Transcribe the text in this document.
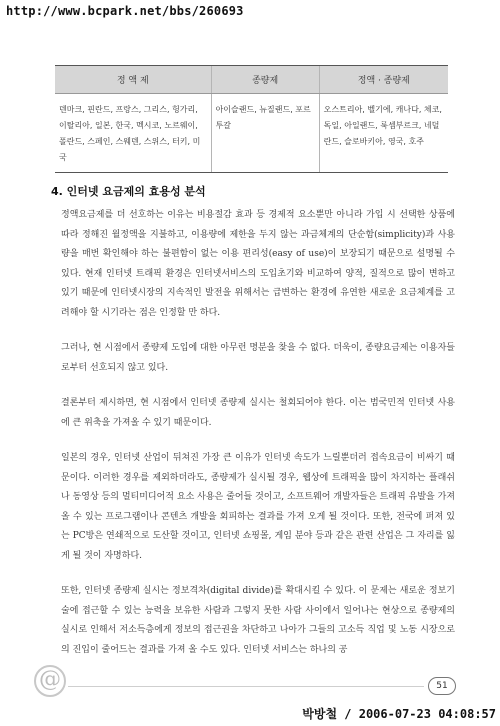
http://www.bcpark.net/bbs/260693
정 액 제	종량제	정액 · 종량제
덴마크, 핀란드, 프랑스, 그리스, 헝가리, 이탈리아, 일본, 한국, 멕시코, 노르웨이, 폴란드, 스페인, 스웨덴, 스위스, 터키, 미국	아이슬랜드, 뉴질랜드, 포르투갈	오스트리아, 벨기에, 캐나다, 체코, 독일, 아일랜드, 룩셈부르크, 네덜란드, 슬로바키아, 영국, 호주
4. 인터넷 요금제의 효용성 분석

정액요금제를 더 선호하는 이유는 비용절감 효과 등 경제적 요소뿐만 아니라 가입 시 선택한 상품에 따라 정해진 월정액을 지불하고, 이용량에 제한을 두지 않는 과금체계의 단순함(simplicity)과 사용량을 매번 확인해야 하는 불편함이 없는 이용 편리성(easy of use)이 보장되기 때문으로 설명될 수 있다. 현재 인터넷 트래픽 환경은 인터넷서비스의 도입초기와 비교하여 양적, 질적으로 많이 변하고 있기 때문에 인터넷시장의 지속적인 발전을 위해서는 급변하는 환경에 유연한 새로운 요금체계를 고려해야 할 시기라는 점은 인정할 만 하다.

그러나, 현 시점에서 종량제 도입에 대한 아무런 명분을 찾을 수 없다. 더욱이, 종량요금제는 이용자들로부터 선호되지 않고 있다.

결론부터 제시하면, 현 시점에서 인터넷 종량제 실시는 철회되어야 한다. 이는 범국민적 인터넷 사용에 큰 위축을 가져올 수 있기 때문이다.

일본의 경우, 인터넷 산업이 뒤쳐진 가장 큰 이유가 인터넷 속도가 느릴뿐더러 접속요금이 비싸기 때문이다. 이러한 경우를 제외하더라도, 종량제가 실시될 경우, 웹상에 트래픽을 많이 차지하는 플래쉬나 동영상 등의 멀티미디어적 요소 사용은 줄어들 것이고, 소프트웨어 개발자들은 트래픽 유발을 가져올 수 있는 프로그램이나 콘텐츠 개발을 회피하는 결과를 가져 오게 될 것이다. 또한, 전국에 퍼져 있는 PC방은 연쇄적으로 도산할 것이고, 인터넷 쇼핑몰, 게임 분야 등과 같은 관련 산업은 그 자리를 잃게 될 것이 자명하다.

또한, 인터넷 종량제 실시는 정보격차(digital divide)를 확대시킬 수 있다. 이 문제는 새로운 정보기술에 접근할 수 있는 능력을 보유한 사람과 그렇지 못한 사람 사이에서 일어나는 현상으로 종량제의 실시로 인해서 저소득층에게 정보의 접근권을 차단하고 나아가 그들의 고소득 직업 및 노동 시장으로의 진입이 줄어드는 결과를 가져 올 수도 있다. 인터넷 서비스는 하나의 공

@	51
박방철 / 2006-07-23 04:08:57
